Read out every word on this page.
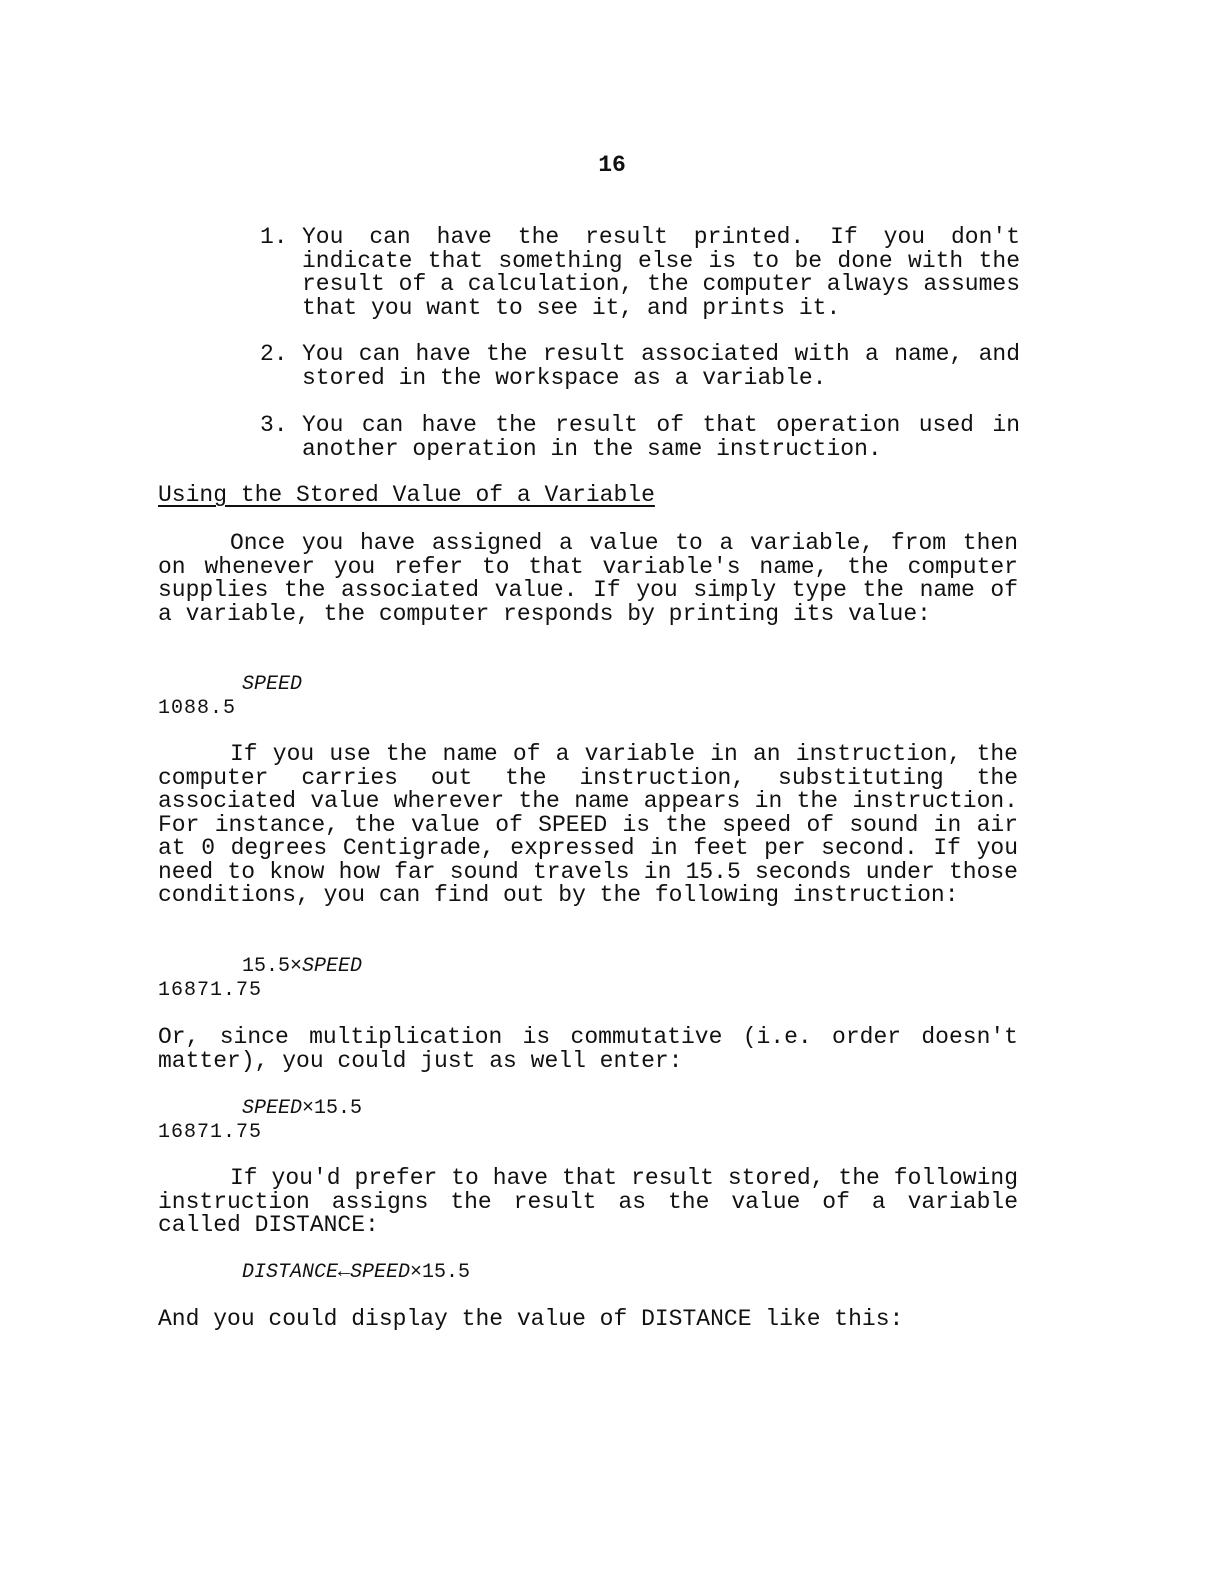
16
1. You can have the result printed. If you don't indicate that something else is to be done with the result of a calculation, the computer always assumes that you want to see it, and prints it.
2. You can have the result associated with a name, and stored in the workspace as a variable.
3. You can have the result of that operation used in another operation in the same instruction.
Using the Stored Value of a Variable
Once you have assigned a value to a variable, from then on whenever you refer to that variable's name, the computer supplies the associated value. If you simply type the name of a variable, the computer responds by printing its value:
SPEED
1088.5
If you use the name of a variable in an instruction, the computer carries out the instruction, substituting the associated value wherever the name appears in the instruction. For instance, the value of SPEED is the speed of sound in air at 0 degrees Centigrade, expressed in feet per second. If you need to know how far sound travels in 15.5 seconds under those conditions, you can find out by the following instruction:
15.5×SPEED
16871.75
Or, since multiplication is commutative (i.e. order doesn't matter), you could just as well enter:
SPEED×15.5
16871.75
If you'd prefer to have that result stored, the following instruction assigns the result as the value of a variable called DISTANCE:
DISTANCE←SPEED×15.5
And you could display the value of DISTANCE like this:
